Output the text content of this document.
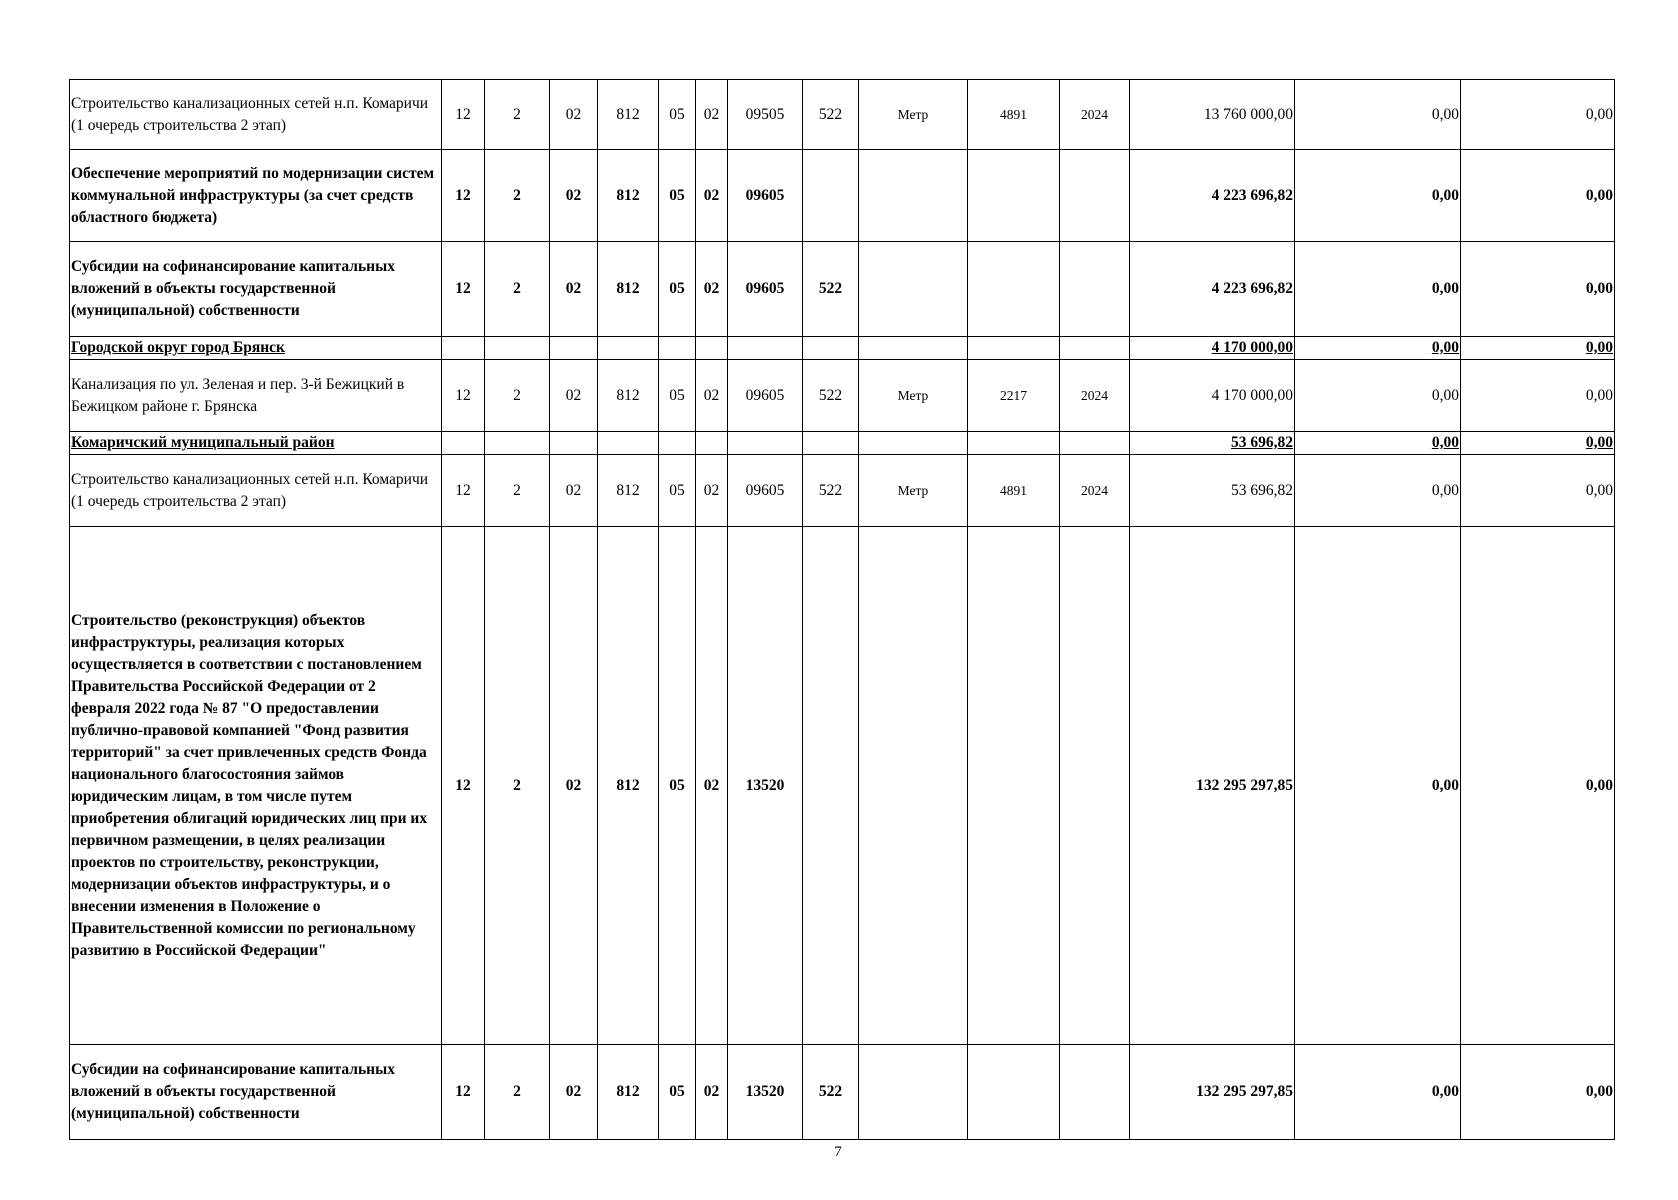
Строительство канализационных сетей н.п. Комаричи (1 очередь строительства 2 этап)	12	2	02	812	05	02	09505	522	Метр	4891	2024	13 760 000,00	0,00	0,00
Обеспечение мероприятий по модернизации систем коммунальной инфраструктуры (за счет средств областного бюджета)	12	2	02	812	05	02	09605					4 223 696,82	0,00	0,00
Субсидии на софинансирование капитальных вложений в объекты государственной (муниципальной) собственности	12	2	02	812	05	02	09605	522				4 223 696,82	0,00	0,00
Городской округ город Брянск												4 170 000,00	0,00	0,00
Канализация по ул. Зеленая и пер. 3-й Бежицкий в Бежицком районе г. Брянска	12	2	02	812	05	02	09605	522	Метр	2217	2024	4 170 000,00	0,00	0,00
Комаричский муниципальный район												53 696,82	0,00	0,00
Строительство канализационных сетей н.п. Комаричи (1 очередь строительства 2 этап)	12	2	02	812	05	02	09605	522	Метр	4891	2024	53 696,82	0,00	0,00
Строительство (реконструкция) объектов инфраструктуры, реализация которых осуществляется в соответствии с постановлением Правительства Российской Федерации от 2 февраля 2022 года № 87 "О предоставлении публично-правовой компанией "Фонд развития территорий" за счет привлеченных средств Фонда национального благосостояния займов юридическим лицам, в том числе путем приобретения облигаций юридических лиц при их первичном размещении, в целях реализации проектов по строительству, реконструкции, модернизации объектов инфраструктуры, и о внесении изменения в Положение о Правительственной комиссии по региональному развитию в Российской Федерации"	12	2	02	812	05	02	13520					132 295 297,85	0,00	0,00
Субсидии на софинансирование капитальных вложений в объекты государственной (муниципальной) собственности	12	2	02	812	05	02	13520	522				132 295 297,85	0,00	0,00
7
